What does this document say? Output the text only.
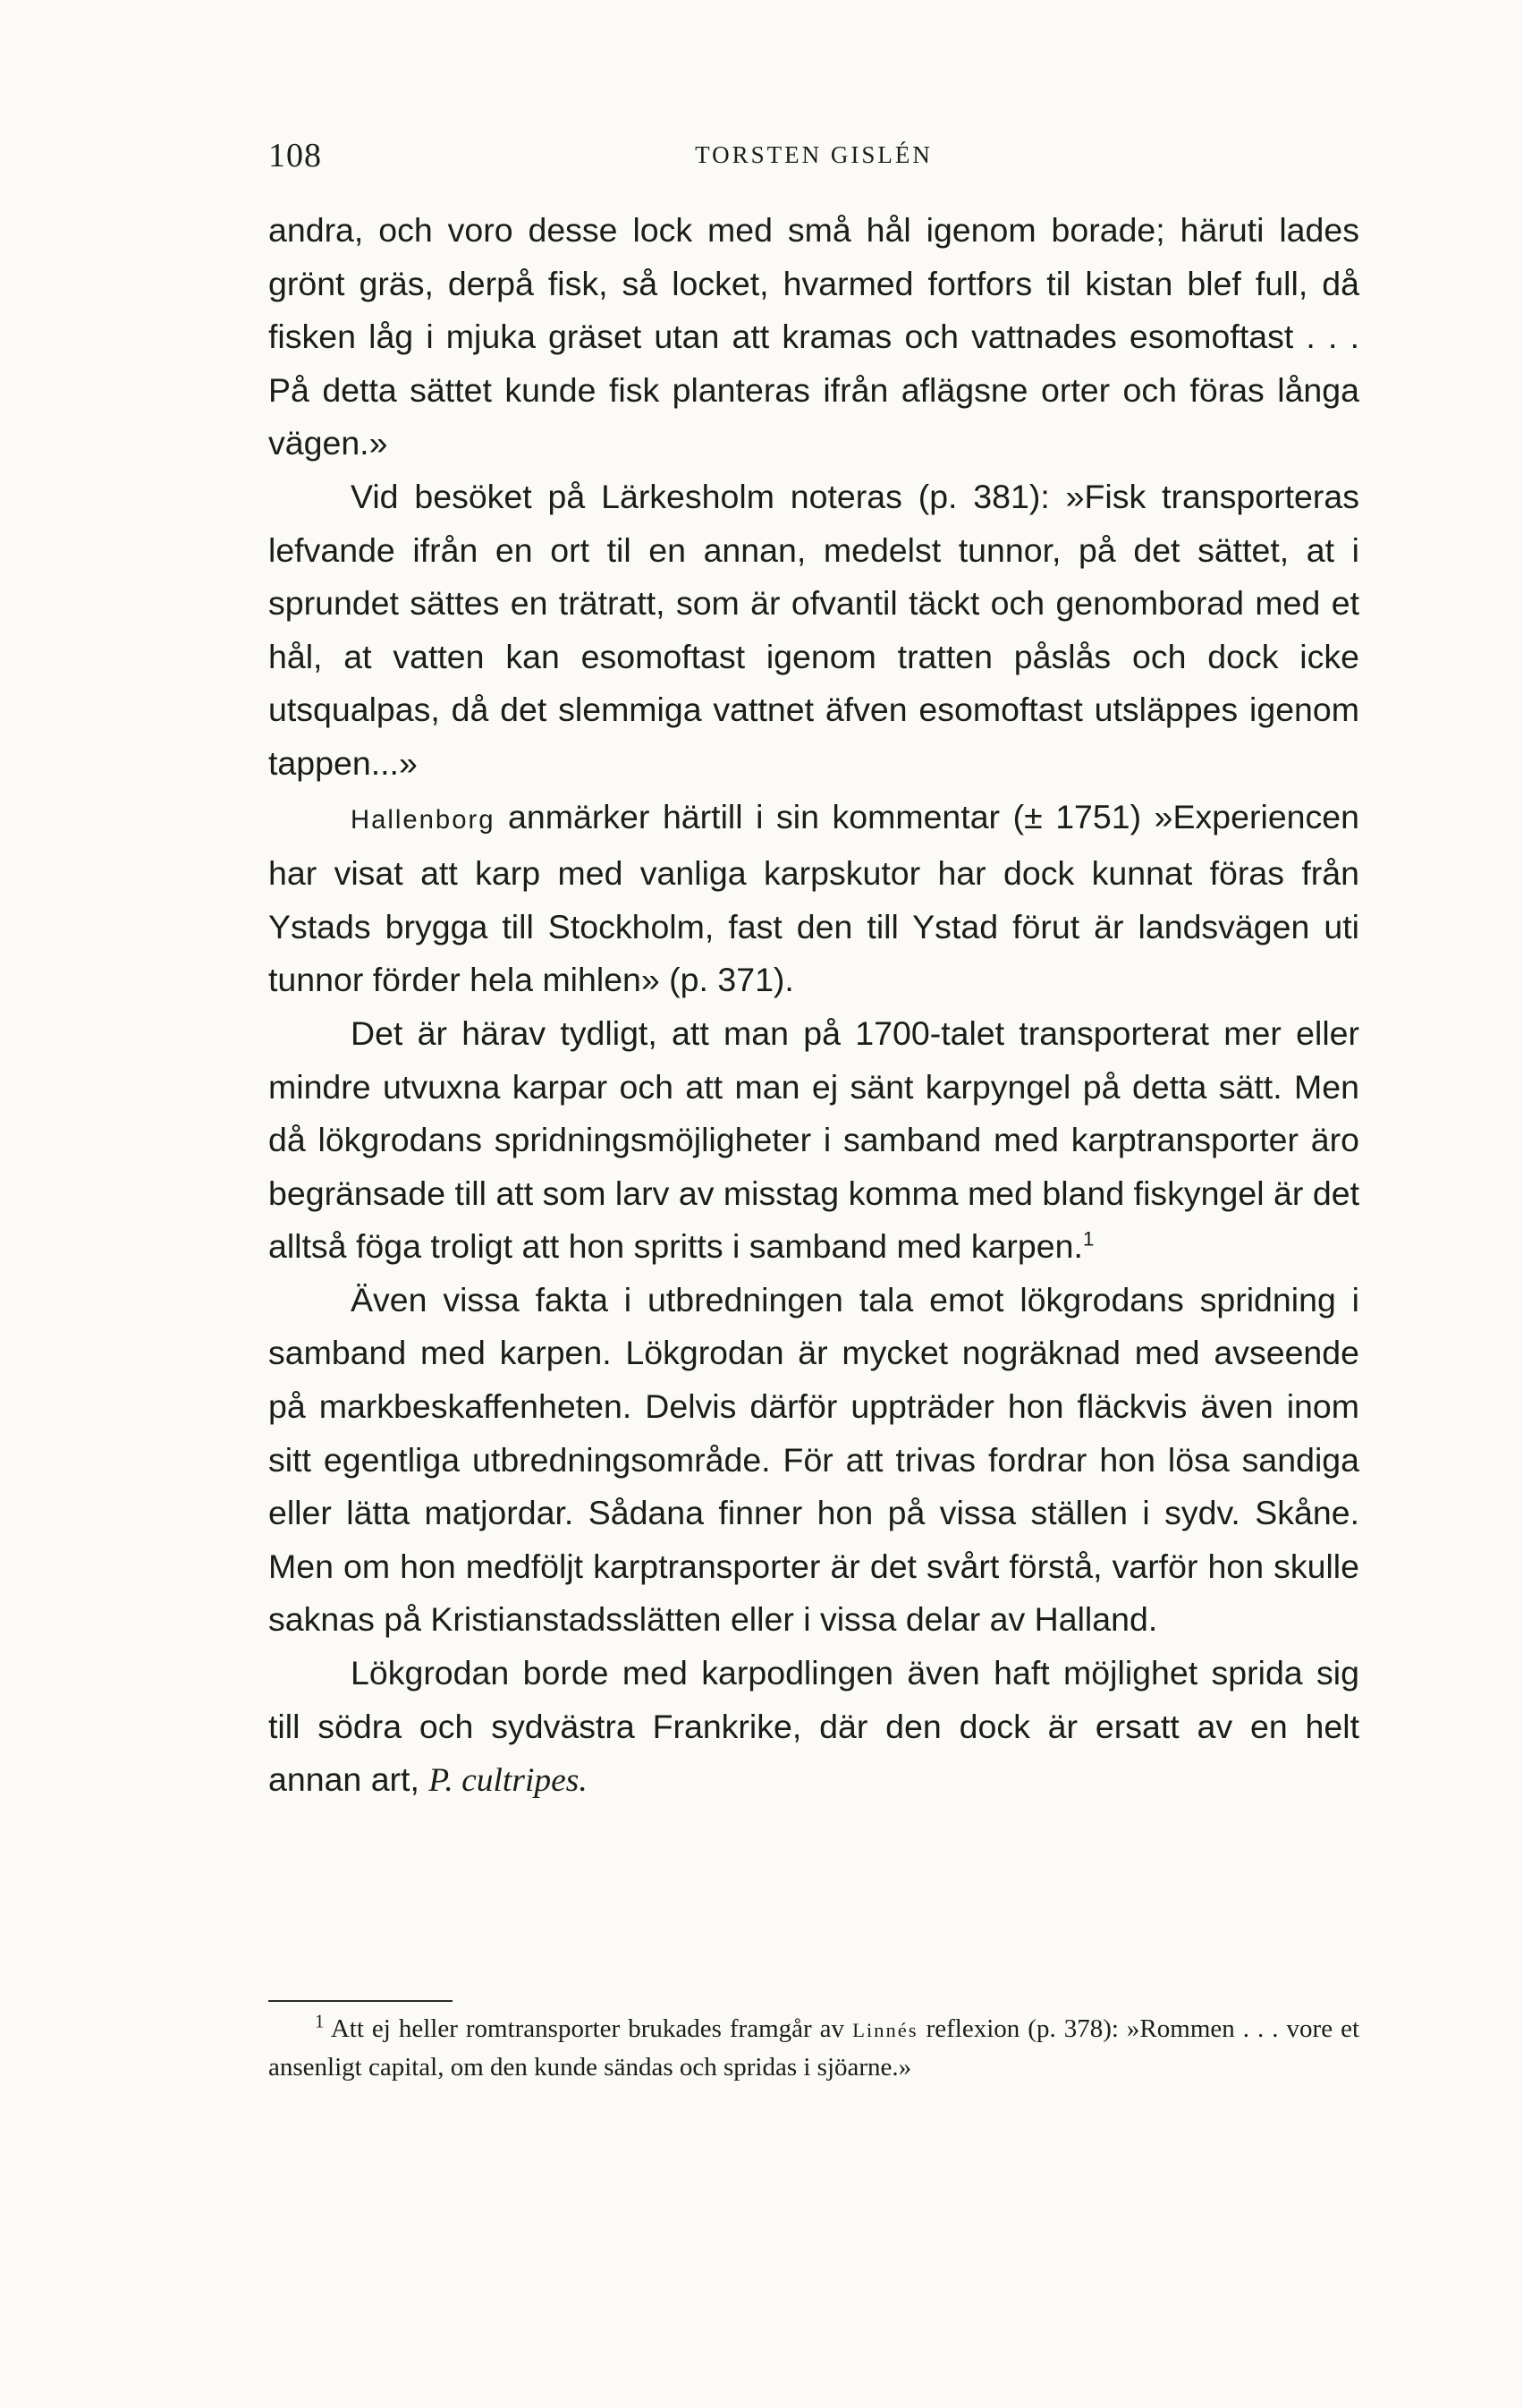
108	TORSTEN GISLÉN

andra, och voro desse lock med små hål igenom borade; häruti lades grönt gräs, derpå fisk, så locket, hvarmed fortfors til kistan blef full, då fisken låg i mjuka gräset utan att kramas och vattnades esomoftast . . . På detta sättet kunde fisk planteras ifrån aflägsne orter och föras långa vägen.»

Vid besöket på Lärkesholm noteras (p. 381): »Fisk transporteras lefvande ifrån en ort til en annan, medelst tunnor, på det sättet, at i sprundet sättes en trätratt, som är ofvantil täckt och genomborad med et hål, at vatten kan esomoftast igenom tratten påslås och dock icke utsqualpas, då det slemmiga vattnet äfven esomoftast utsläppes igenom tappen...»

Hallenborg anmärker härtill i sin kommentar (± 1751) »Experiencen har visat att karp med vanliga karpskutor har dock kunnat föras från Ystads brygga till Stockholm, fast den till Ystad förut är landsvägen uti tunnor förder hela mihlen» (p. 371).

Det är härav tydligt, att man på 1700-talet transporterat mer eller mindre utvuxna karpar och att man ej sänt karpyngel på detta sätt. Men då lökgrodans spridningsmöjligheter i samband med karptransporter äro begränsade till att som larv av misstag komma med bland fiskyngel är det alltså föga troligt att hon spritts i samband med karpen.$^1$

Även vissa fakta i utbredningen tala emot lökgrodans spridning i samband med karpen. Lökgrodan är mycket nogräknad med avseende på markbeskaffenheten. Delvis därför uppträder hon fläckvis även inom sitt egentliga utbredningsområde. För att trivas fordrar hon lösa sandiga eller lätta matjordar. Sådana finner hon på vissa ställen i sydv. Skåne. Men om hon medföljt karptransporter är det svårt förstå, varför hon skulle saknas på Kristianstadsslätten eller i vissa delar av Halland.

Lökgrodan borde med karpodlingen även haft möjlighet sprida sig till södra och sydvästra Frankrike, där den dock är ersatt av en helt annan art, P. cultripes.

$^1$ Att ej heller romtransporter brukades framgår av Linnés reflexion (p. 378): »Rommen . . . vore et ansenligt capital, om den kunde sändas och spridas i sjöarne.»
